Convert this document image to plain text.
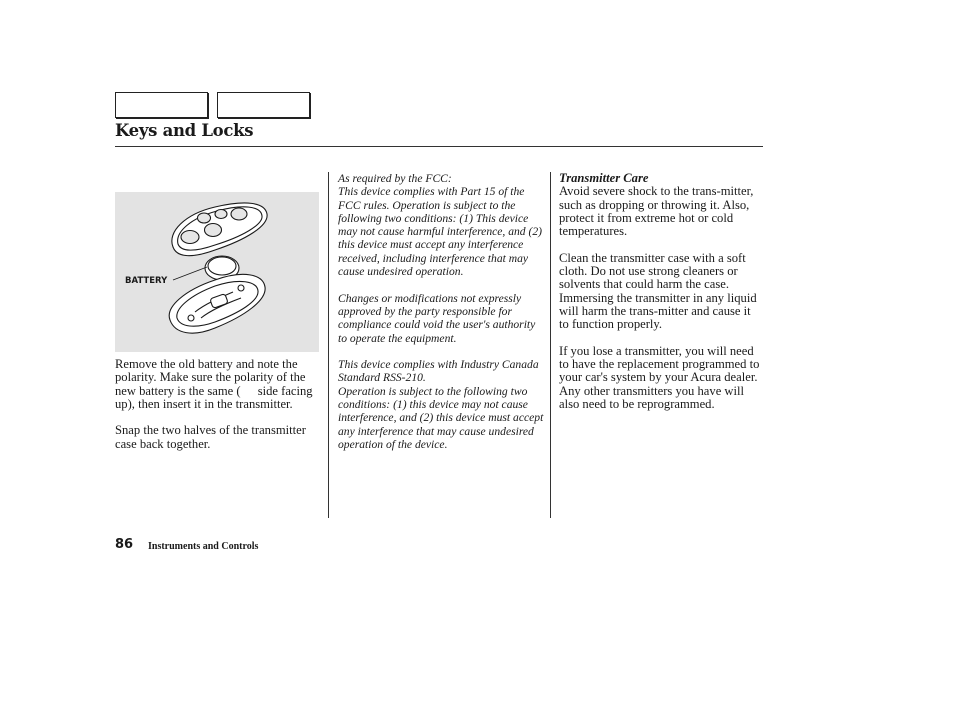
Keys and Locks
BATTERY

Remove the old battery and note the polarity. Make sure the polarity of the new battery is the same ( side facing up), then insert it in the transmitter.

Snap the two halves of the transmitter case back together.

As required by the FCC:
This device complies with Part 15 of the FCC rules. Operation is subject to the following two conditions: (1) This device may not cause harmful interference, and (2) this device must accept any interference received, including interference that may cause undesired operation.

Changes or modifications not expressly approved by the party responsible for compliance could void the user's authority to operate the equipment.

This device complies with Industry Canada Standard RSS-210.
Operation is subject to the following two conditions: (1) this device may not cause interference, and (2) this device must accept any interference that may cause undesired operation of the device.

Transmitter Care
Avoid severe shock to the trans-mitter, such as dropping or throwing it. Also, protect it from extreme hot or cold temperatures.

Clean the transmitter case with a soft cloth. Do not use strong cleaners or solvents that could harm the case. Immersing the transmitter in any liquid will harm the trans-mitter and cause it to function properly.

If you lose a transmitter, you will need to have the replacement programmed to your car's system by your Acura dealer. Any other transmitters you have will also need to be reprogrammed.

86 Instruments and Controls
